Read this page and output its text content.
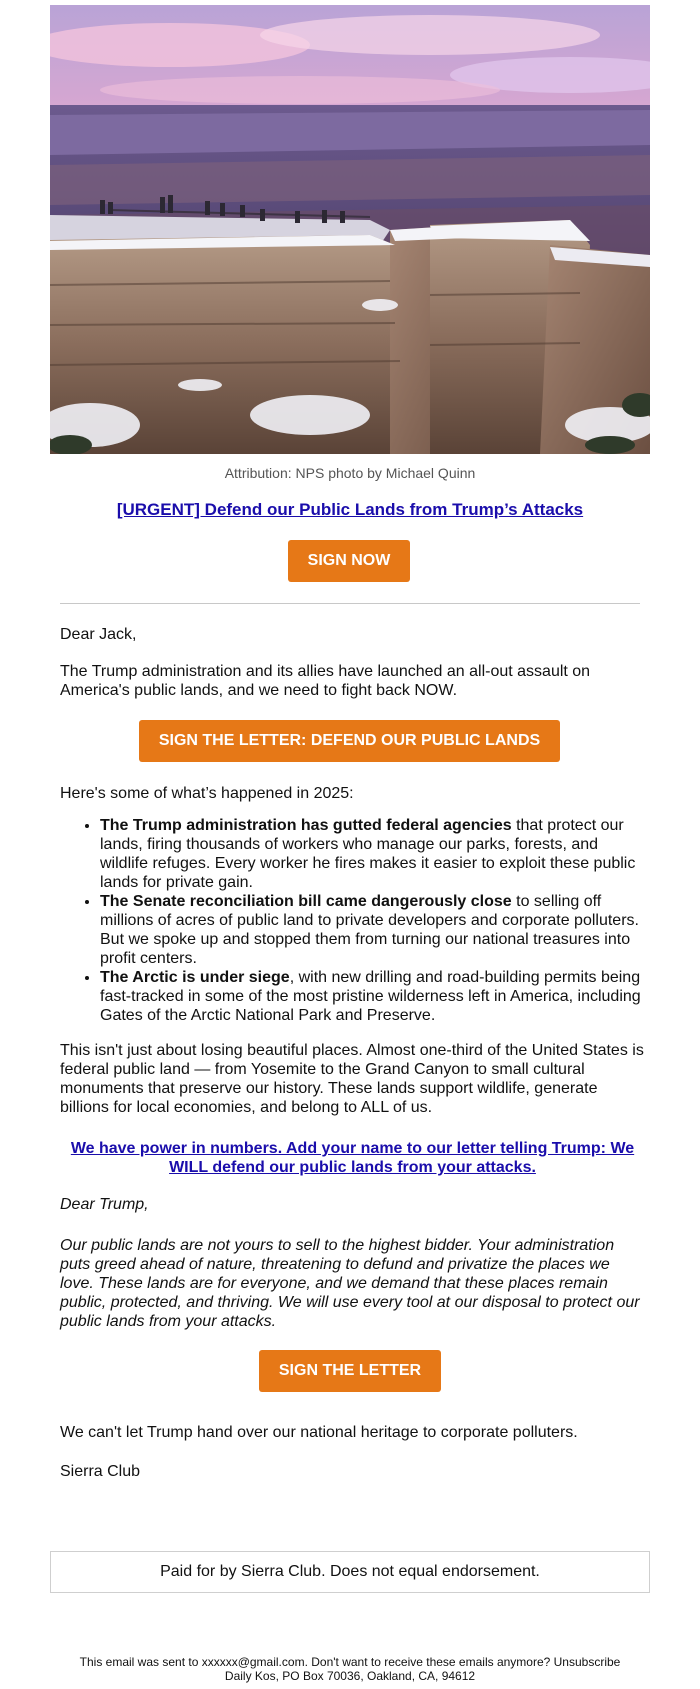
Attribution: NPS photo by Michael Quinn
[URGENT] Defend our Public Lands from Trump’s Attacks
SIGN NOW
Dear Jack,
The Trump administration and its allies have launched an all-out assault on America's public lands, and we need to fight back NOW.
SIGN THE LETTER: DEFEND OUR PUBLIC LANDS
Here's some of what’s happened in 2025:
• The Trump administration has gutted federal agencies that protect our lands, firing thousands of workers who manage our parks, forests, and wildlife refuges. Every worker he fires makes it easier to exploit these public lands for private gain.
• The Senate reconciliation bill came dangerously close to selling off millions of acres of public land to private developers and corporate polluters. But we spoke up and stopped them from turning our national treasures into profit centers.
• The Arctic is under siege, with new drilling and road-building permits being fast-tracked in some of the most pristine wilderness left in America, including Gates of the Arctic National Park and Preserve.
This isn't just about losing beautiful places. Almost one-third of the United States is federal public land — from Yosemite to the Grand Canyon to small cultural monuments that preserve our history. These lands support wildlife, generate billions for local economies, and belong to ALL of us.
We have power in numbers. Add your name to our letter telling Trump: We WILL defend our public lands from your attacks.
Dear Trump,
Our public lands are not yours to sell to the highest bidder. Your administration puts greed ahead of nature, threatening to defund and privatize the places we love. These lands are for everyone, and we demand that these places remain public, protected, and thriving. We will use every tool at our disposal to protect our public lands from your attacks.
SIGN THE LETTER
We can't let Trump hand over our national heritage to corporate polluters.
Sierra Club
Paid for by Sierra Club. Does not equal endorsement.
This email was sent to xxxxxx@gmail.com. Don't want to receive these emails anymore? Unsubscribe
Daily Kos, PO Box 70036, Oakland, CA, 94612
